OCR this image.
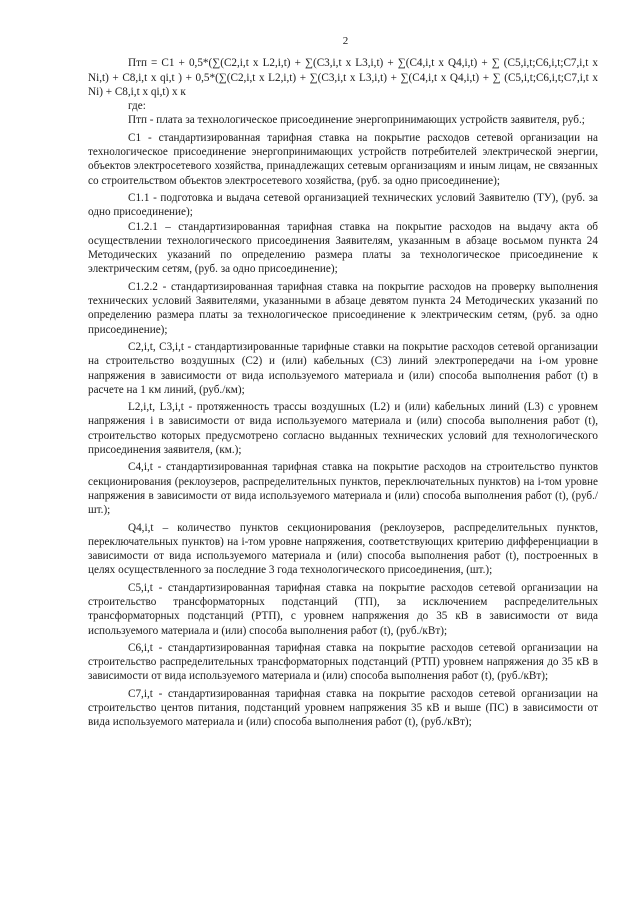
2

Птп = C1 + 0,5*(∑(C2,i,t x L2,i,t) + ∑(C3,i,t x L3,i,t) + ∑(C4,i,t x Q4,i,t) + ∑ (C5,i,t;C6,i,t;C7,i,t x Ni,t) + C8,i,t x qi,t ) + 0,5*(∑(C2,i,t x L2,i,t) + ∑(C3,i,t x L3,i,t) + ∑(C4,i,t x Q4,i,t) + ∑ (C5,i,t;C6,i,t;C7,i,t x Ni) + C8,i,t x qi,t) x к

где:

Птп - плата за технологическое присоединение энергопринимающих устройств заявителя, руб.;

C1 - стандартизированная тарифная ставка на покрытие расходов сетевой организации на технологическое присоединение энергопринимающих устройств потребителей электрической энергии, объектов электросетевого хозяйства, принадлежащих сетевым организациям и иным лицам, не связанных со строительством объектов электросетевого хозяйства, (руб. за одно присоединение);

C1.1 - подготовка и выдача сетевой организацией технических условий Заявителю (ТУ), (руб. за одно присоединение);

C1.2.1 – стандартизированная тарифная ставка на покрытие расходов на выдачу акта об осуществлении технологического присоединения Заявителям, указанным в абзаце восьмом пункта 24 Методических указаний по определению размера платы за технологическое присоединение к электрическим сетям, (руб. за одно присоединение);

C1.2.2 - стандартизированная тарифная ставка на покрытие расходов на проверку выполнения технических условий Заявителями, указанными в абзаце девятом пункта 24 Методических указаний по определению размера платы за технологическое присоединение к электрическим сетям, (руб. за одно присоединение);

C2,i,t, C3,i,t - стандартизированные тарифные ставки на покрытие расходов сетевой организации на строительство воздушных (C2) и (или) кабельных (C3) линий электропередачи на i-ом уровне напряжения в зависимости от вида используемого материала и (или) способа выполнения работ (t) в расчете на 1 км линий, (руб./км);

L2,i,t, L3,i,t - протяженность трассы воздушных (L2) и (или) кабельных линий (L3) с уровнем напряжения i в зависимости от вида используемого материала и (или) способа выполнения работ (t), строительство которых предусмотрено согласно выданных технических условий для технологического присоединения заявителя, (км.);

C4,i,t - стандартизированная тарифная ставка на покрытие расходов на строительство пунктов секционирования (реклоузеров, распределительных пунктов, переключательных пунктов) на i-том уровне напряжения в зависимости от вида используемого материала и (или) способа выполнения работ (t), (руб./шт.);

Q4,i,t – количество пунктов секционирования (реклоузеров, распределительных пунктов, переключательных пунктов) на i-том уровне напряжения, соответствующих критерию дифференциации в зависимости от вида используемого материала и (или) способа выполнения работ (t), построенных в целях осуществленного за последние 3 года технологического присоединения, (шт.);

C5,i,t - стандартизированная тарифная ставка на покрытие расходов сетевой организации на строительство трансформаторных подстанций (ТП), за исключением распределительных трансформаторных подстанций (РТП), с уровнем напряжения до 35 кВ в зависимости от вида используемого материала и (или) способа выполнения работ (t), (руб./кВт);

C6,i,t - стандартизированная тарифная ставка на покрытие расходов сетевой организации на строительство распределительных трансформаторных подстанций (РТП) уровнем напряжения до 35 кВ в зависимости от вида используемого материала и (или) способа выполнения работ (t), (руб./кВт);

C7,i,t - стандартизированная тарифная ставка на покрытие расходов сетевой организации на строительство центов питания, подстанций уровнем напряжения 35 кВ и выше (ПС) в зависимости от вида используемого материала и (или) способа выполнения работ (t), (руб./кВт);
